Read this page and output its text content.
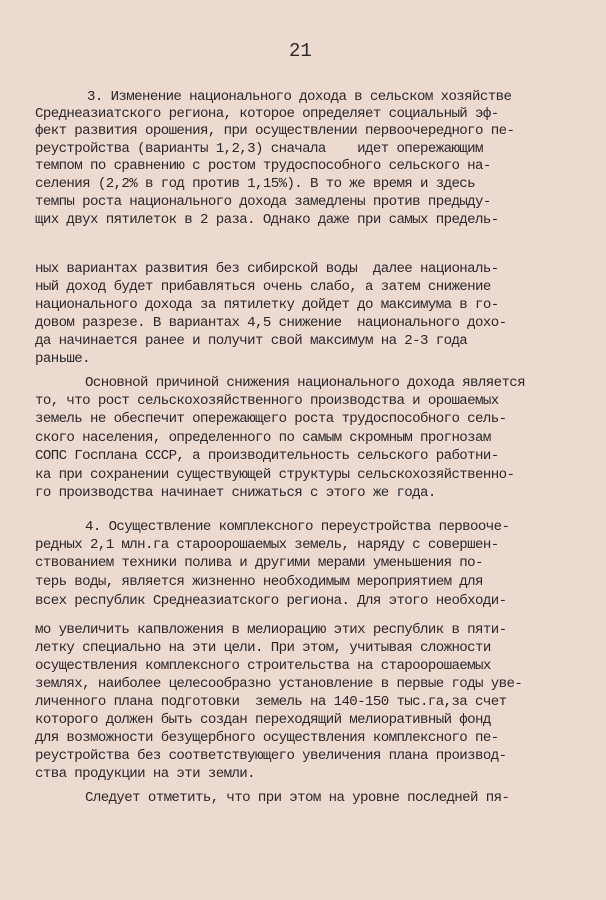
21
3. Изменение национального дохода в сельском хозяйстве
Среднеазиатского региона, которое определяет социальный эф-
фект развития орошения, при осуществлении первоочередного пе-
реустройства (варианты 1,2,3) сначала    идет опережающим
темпом по сравнению с ростом трудоспособного сельского на-
селения (2,2% в год против 1,15%). В то же время и здесь
темпы роста национального дохода замедлены против предыду-
щих двух пятилеток в 2 раза. Однако даже при самых предель-
ных вариантах развития без сибирской воды  далее националь-
ный доход будет прибавляться очень слабо, а затем снижение
национального дохода за пятилетку дойдет до максимума в го-
довом разрезе. В вариантах 4,5 снижение  национального дохо-
да начинается ранее и получит свой максимум на 2-3 года
раньше.
Основной причиной снижения национального дохода является
то, что рост сельскохозяйственного производства и орошаемых
земель не обеспечит опережающего роста трудоспособного сель-
ского населения, определенного по самым скромным прогнозам
СОПС Госплана СССР, а производительность сельского работни-
ка при сохранении существующей структуры сельскохозяйственно-
го производства начинает снижаться с этого же года.
4. Осуществление комплексного переустройства первооче-
редных 2,1 млн.га староорошаемых земель, наряду с совершен-
ствованием техники полива и другими мерами уменьшения по-
терь воды, является жизненно необходимым мероприятием для
всех республик Среднеазиатского региона. Для этого необходи-
мо увеличить капвложения в мелиорацию этих республик в пяти-
летку специально на эти цели. При этом, учитывая сложности
осуществления комплексного строительства на староорошаемых
землях, наиболее целесообразно установление в первые годы уве-
личенного плана подготовки  земель на 140-150 тыс.га,за счет
которого должен быть создан переходящий мелиоративный фонд
для возможности безущербного осуществления комплексного пе-
реустройства без соответствующего увеличения плана производ-
ства продукции на эти земли.
Следует отметить, что при этом на уровне последней пя-
